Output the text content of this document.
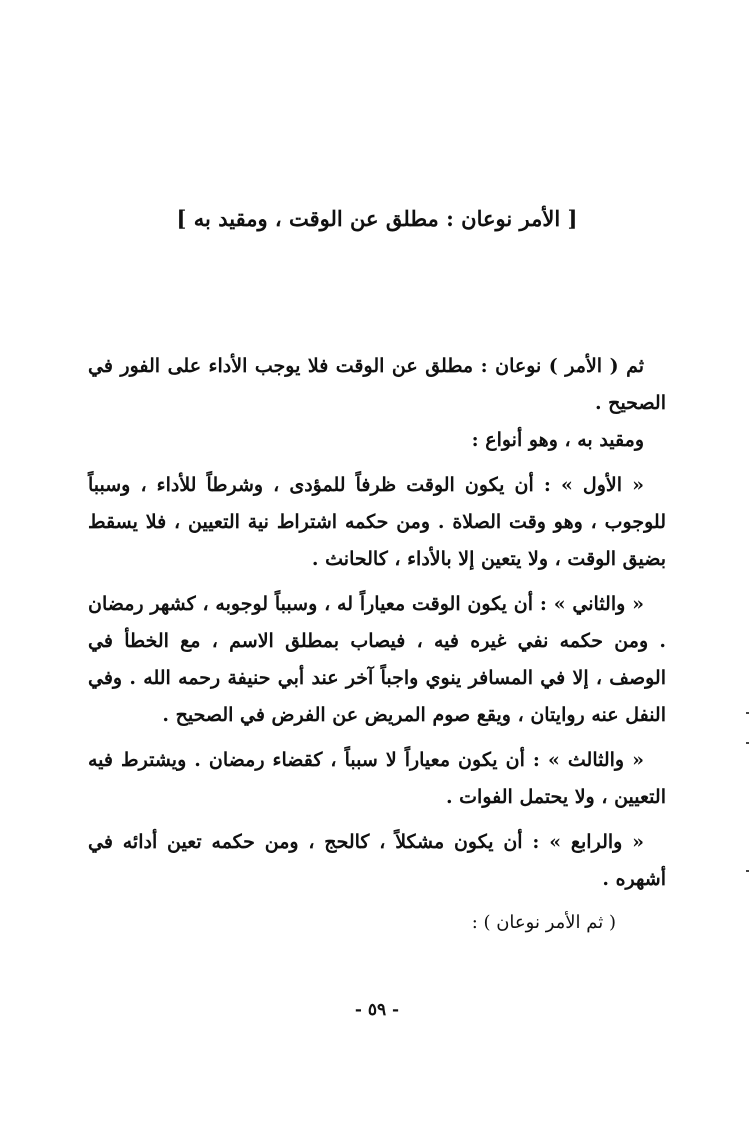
[ الأمر نوعان : مطلق عن الوقت ، ومقيد به ]

ثم ( الأمر ) نوعان : مطلق عن الوقت فلا يوجب الأداء على الفور في الصحيح .

ومقيد به ، وهو أنواع :

« الأول » : أن يكون الوقت ظرفاً للمؤدى ، وشرطاً للأداء ، وسبباً للوجوب ، وهو وقت الصلاة . ومن حكمه اشتراط نية التعيين ، فلا يسقط بضيق الوقت ، ولا يتعين إلا بالأداء ، كالحانث .

« والثاني » : أن يكون الوقت معياراً له ، وسبباً لوجوبه ، كشهر رمضان . ومن حكمه نفي غيره فيه ، فيصاب بمطلق الاسم ، مع الخطأ في الوصف ، إلا في المسافر ينوي واجباً آخر عند أبي حنيفة رحمه الله . وفي النفل عنه روايتان ، ويقع صوم المريض عن الفرض في الصحيح .

« والثالث » : أن يكون معياراً لا سبباً ، كقضاء رمضان . ويشترط فيه التعيين ، ولا يحتمل الفوات .

« والرابع » : أن يكون مشكلاً ، كالحج ، ومن حكمه تعين أدائه في أشهره .

( ثم الأمر نوعان ) :

- ٥٩ -
